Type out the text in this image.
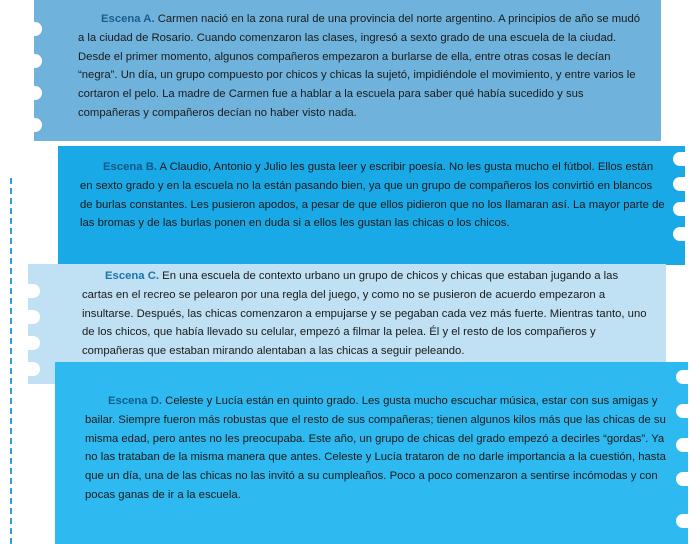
Escena A. Carmen nació en la zona rural de una provincia del norte argentino. A principios de año se mudó a la ciudad de Rosario. Cuando comenzaron las clases, ingresó a sexto grado de una escuela de la ciudad. Desde el primer momento, algunos compañeros empezaron a burlarse de ella, entre otras cosas le decían “negra”. Un día, un grupo compuesto por chicos y chicas la sujetó, impidiéndole el movimiento, y entre varios le cortaron el pelo. La madre de Carmen fue a hablar a la escuela para saber qué había sucedido y sus compañeras y compañeros decían no haber visto nada.

Escena B. A Claudio, Antonio y Julio les gusta leer y escribir poesía. No les gusta mucho el fútbol. Ellos están en sexto grado y en la escuela no la están pasando bien, ya que un grupo de compañeros los convirtió en blancos de burlas constantes. Les pusieron apodos, a pesar de que ellos pidieron que no los llamaran así. La mayor parte de las bromas y de las burlas ponen en duda si a ellos les gustan las chicas o los chicos.

Escena C. En una escuela de contexto urbano un grupo de chicos y chicas que estaban jugando a las cartas en el recreo se pelearon por una regla del juego, y como no se pusieron de acuerdo empezaron a insultarse. Después, las chicas comenzaron a empujarse y se pegaban cada vez más fuerte. Mientras tanto, uno de los chicos, que había llevado su celular, empezó a filmar la pelea. Él y el resto de los compañeros y compañeras que estaban mirando alentaban a las chicas a seguir peleando.

Escena D. Celeste y Lucía están en quinto grado. Les gusta mucho escuchar música, estar con sus amigas y bailar. Siempre fueron más robustas que el resto de sus compañeras; tienen algunos kilos más que las chicas de su misma edad, pero antes no les preocupaba. Este año, un grupo de chicas del grado empezó a decirles “gordas”. Ya no las trataban de la misma manera que antes. Celeste y Lucía trataron de no darle importancia a la cuestión, hasta que un día, una de las chicas no las invitó a su cumpleaños. Poco a poco comenzaron a sentirse incómodas y con pocas ganas de ir a la escuela.
